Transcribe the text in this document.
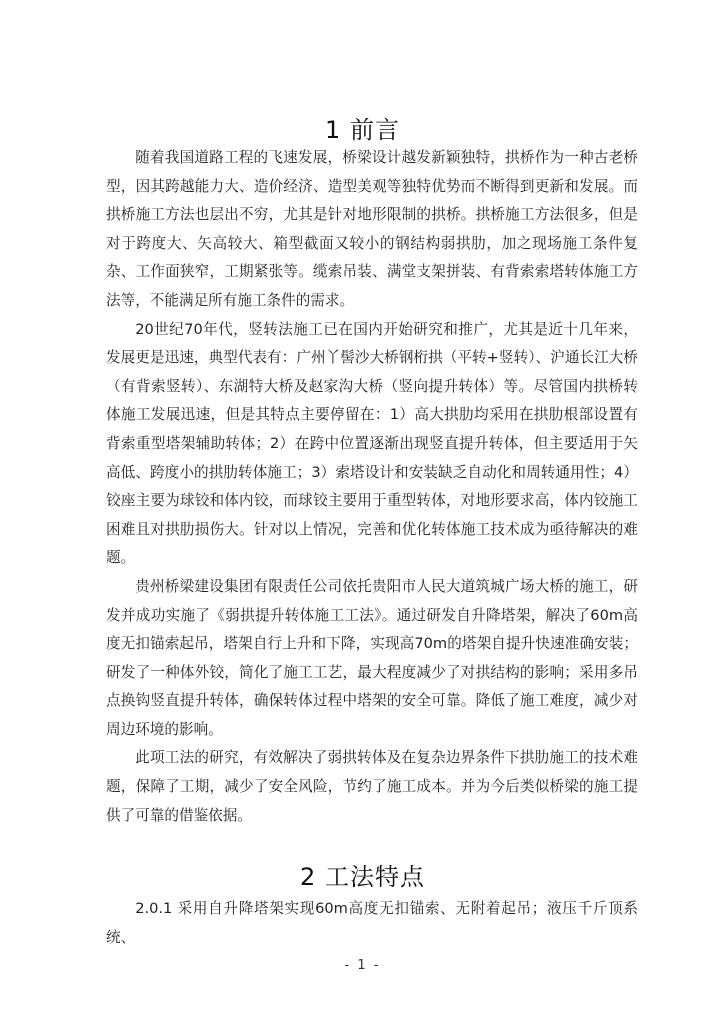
1 前言

随着我国道路工程的飞速发展，桥梁设计越发新颖独特，拱桥作为一种古老桥型，因其跨越能力大、造价经济、造型美观等独特优势而不断得到更新和发展。而拱桥施工方法也层出不穷，尤其是针对地形限制的拱桥。拱桥施工方法很多，但是对于跨度大、矢高较大、箱型截面又较小的钢结构弱拱肋，加之现场施工条件复杂、工作面狭窄，工期紧张等。缆索吊装、满堂支架拼装、有背索索塔转体施工方法等，不能满足所有施工条件的需求。

20世纪70年代，竖转法施工已在国内开始研究和推广，尤其是近十几年来，发展更是迅速，典型代表有：广州丫髻沙大桥钢桁拱（平转+竖转）、沪通长江大桥（有背索竖转）、东湖特大桥及赵家沟大桥（竖向提升转体）等。尽管国内拱桥转体施工发展迅速，但是其特点主要停留在：1）高大拱肋均采用在拱肋根部设置有背索重型塔架辅助转体；2）在跨中位置逐渐出现竖直提升转体，但主要适用于矢高低、跨度小的拱肋转体施工；3）索塔设计和安装缺乏自动化和周转通用性；4）铰座主要为球铰和体内铰，而球铰主要用于重型转体，对地形要求高，体内铰施工困难且对拱肋损伤大。针对以上情况，完善和优化转体施工技术成为亟待解决的难题。

贵州桥梁建设集团有限责任公司依托贵阳市人民大道筑城广场大桥的施工，研发并成功实施了《弱拱提升转体施工工法》。通过研发自升降塔架，解决了60m高度无扣锚索起吊，塔架自行上升和下降，实现高70m的塔架自提升快速准确安装；研发了一种体外铰，简化了施工工艺，最大程度减少了对拱结构的影响；采用多吊点换钩竖直提升转体，确保转体过程中塔架的安全可靠。降低了施工难度，减少对周边环境的影响。

此项工法的研究，有效解决了弱拱转体及在复杂边界条件下拱肋施工的技术难题，保障了工期，减少了安全风险，节约了施工成本。并为今后类似桥梁的施工提供了可靠的借鉴依据。

2 工法特点

2.0.1 采用自升降塔架实现60m高度无扣锚索、无附着起吊；液压千斤顶系统、

- 1 -
